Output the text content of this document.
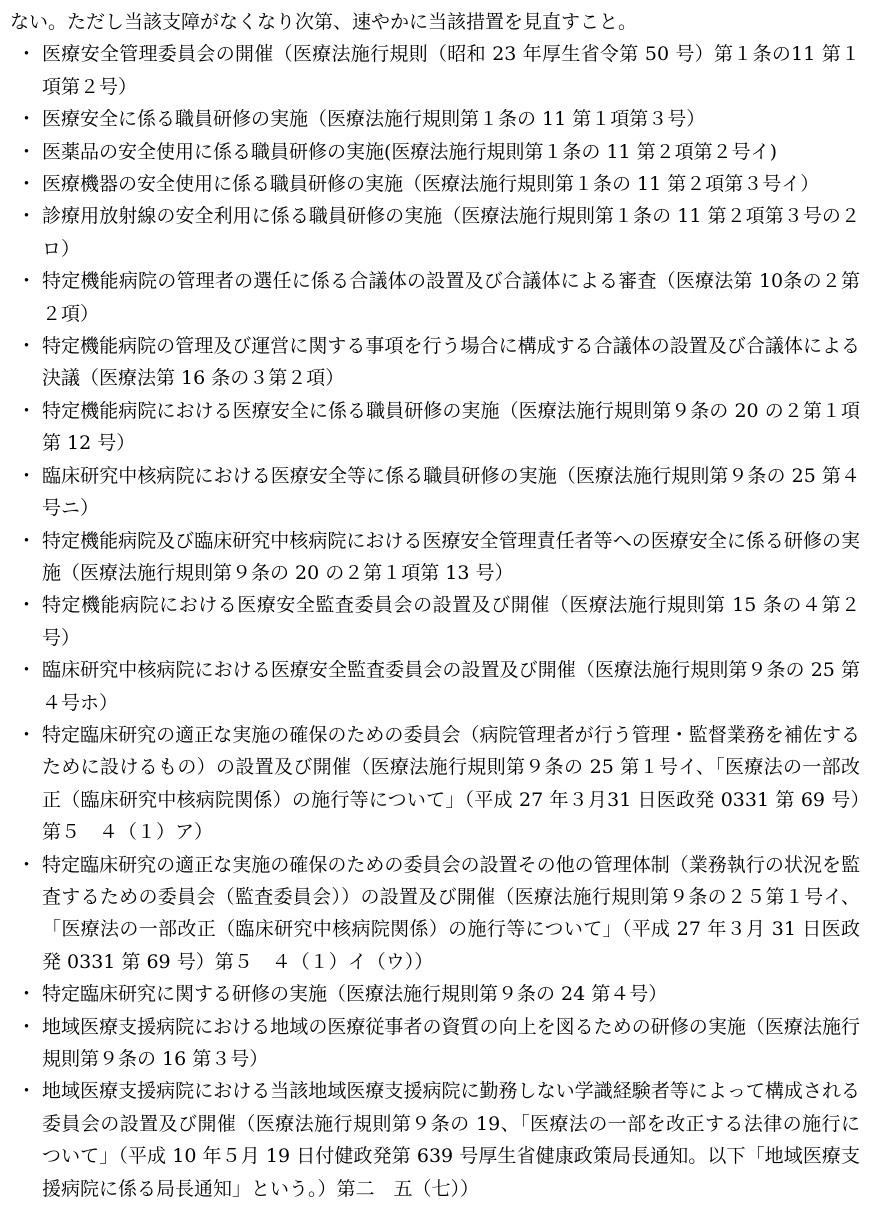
ない。ただし当該支障がなくなり次第、速やかに当該措置を見直すこと。

・ 医療安全管理委員会の開催（医療法施行規則（昭和 23 年厚生省令第 50 号）第１条の11 第１項第２号）
・ 医療安全に係る職員研修の実施（医療法施行規則第１条の 11 第１項第３号）
・ 医薬品の安全使用に係る職員研修の実施(医療法施行規則第１条の 11 第２項第２号イ)
・ 医療機器の安全使用に係る職員研修の実施（医療法施行規則第１条の 11 第２項第３号イ）
・ 診療用放射線の安全利用に係る職員研修の実施（医療法施行規則第１条の 11 第２項第３号の２ロ）
・ 特定機能病院の管理者の選任に係る合議体の設置及び合議体による審査（医療法第 10条の２第２項）
・ 特定機能病院の管理及び運営に関する事項を行う場合に構成する合議体の設置及び合議体による決議（医療法第 16 条の３第２項）
・ 特定機能病院における医療安全に係る職員研修の実施（医療法施行規則第９条の 20 の２第１項第 12 号）
・ 臨床研究中核病院における医療安全等に係る職員研修の実施（医療法施行規則第９条の 25 第４号ニ）
・ 特定機能病院及び臨床研究中核病院における医療安全管理責任者等への医療安全に係る研修の実施（医療法施行規則第９条の 20 の２第１項第 13 号）
・ 特定機能病院における医療安全監査委員会の設置及び開催（医療法施行規則第 15 条の４第２号）
・ 臨床研究中核病院における医療安全監査委員会の設置及び開催（医療法施行規則第９条の 25 第４号ホ）
・ 特定臨床研究の適正な実施の確保のための委員会（病院管理者が行う管理・監督業務を補佐するために設けるもの）の設置及び開催（医療法施行規則第９条の 25 第１号イ、「医療法の一部改正（臨床研究中核病院関係）の施行等について」（平成 27 年３月31 日医政発 0331 第 69 号）第５　４（１）ア）
・ 特定臨床研究の適正な実施の確保のための委員会の設置その他の管理体制（業務執行の状況を監査するための委員会（監査委員会））の設置及び開催（医療法施行規則第９条の２５第１号イ、「医療法の一部改正（臨床研究中核病院関係）の施行等について」（平成 27 年３月 31 日医政発 0331 第 69 号）第５　４（１）イ（ウ））
・ 特定臨床研究に関する研修の実施（医療法施行規則第９条の 24 第４号）
・ 地域医療支援病院における地域の医療従事者の資質の向上を図るための研修の実施（医療法施行規則第９条の 16 第３号）
・ 地域医療支援病院における当該地域医療支援病院に勤務しない学識経験者等によって構成される委員会の設置及び開催（医療法施行規則第９条の 19、「医療法の一部を改正する法律の施行について」（平成 10 年５月 19 日付健政発第 639 号厚生省健康政策局長通知。以下「地域医療支援病院に係る局長通知」という。）第二　五（七））
